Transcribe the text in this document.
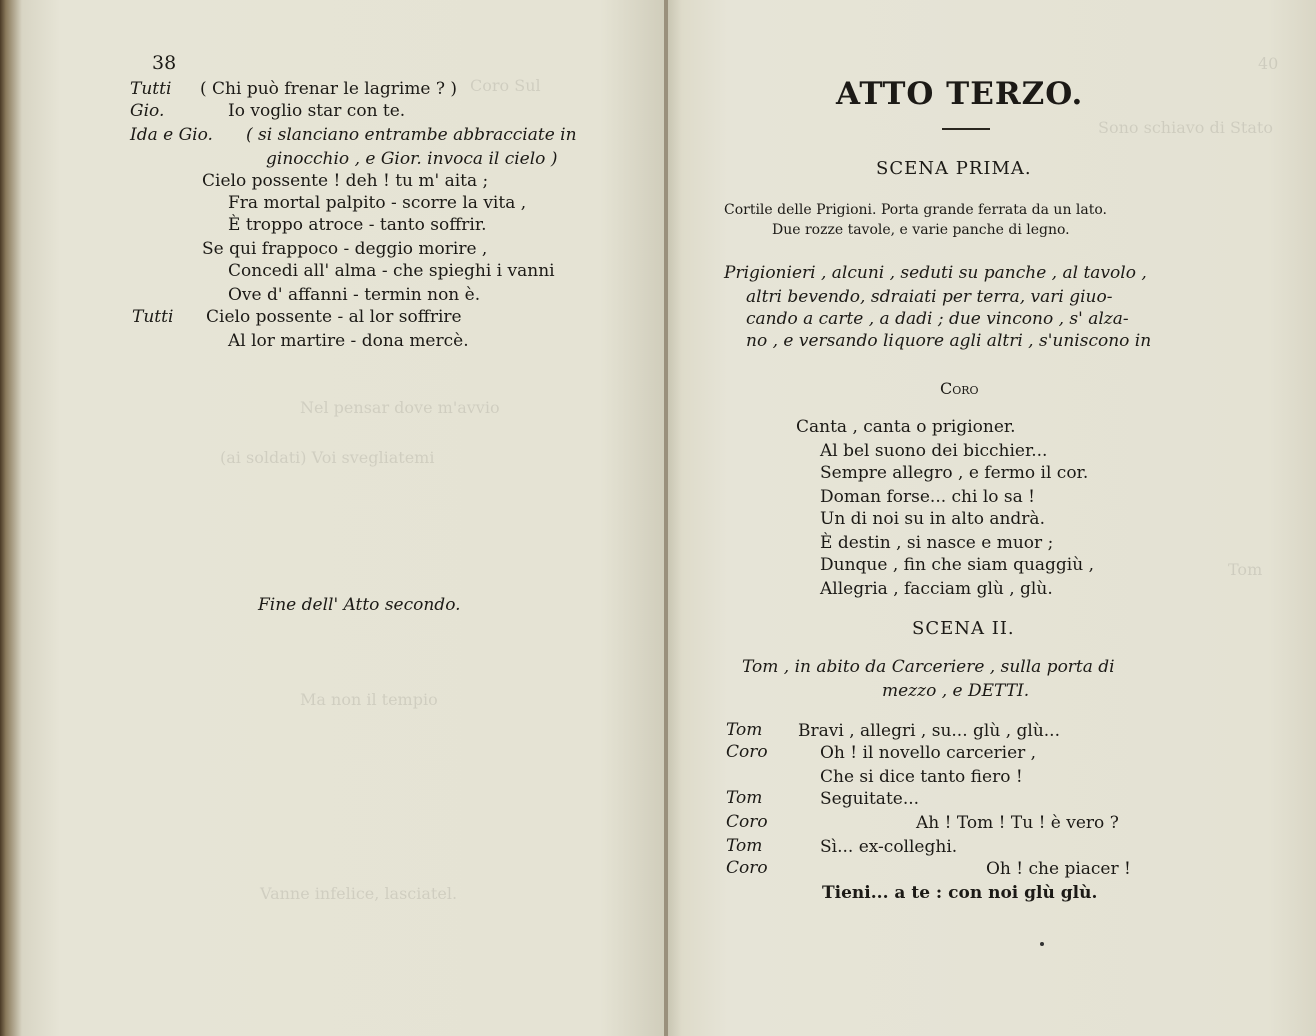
Coro Sul
Nel pensar dove m'avvio
(ai soldati) Voi svegliatemi
Ma non il tempio
Vanne infelice, lasciatel.
38
Tutti ( Chi può frenar le lagrime ? )
Gio.	Io voglio star con te.
Ida e Gio. ( si slanciano entrambe abbracciate in
ginocchio , e Gior. invoca il cielo )
Cielo possente ! deh ! tu m' aita ;
Fra mortal palpito - scorre la vita ,
È troppo atroce - tanto soffrir.
Se qui frappoco - deggio morire ,
Concedi all' alma - che spieghi i vanni
Ove d' affanni - termin non è.
Tutti Cielo possente - al lor soffrire
Al lor martire - dona mercè.
Fine dell' Atto secondo.
40
Sono schiavo di Stato
Tom
ATTO TERZO.
SCENA PRIMA.
Cortile delle Prigioni. Porta grande ferrata da un lato.
Due rozze tavole, e varie panche di legno.
Prigionieri , alcuni , seduti su panche , al tavolo ,
altri bevendo, sdraiati per terra, vari giuo-
cando a carte , a dadi ; due vincono , s' alza-
no , e versando liquore agli altri , s'uniscono in
Coro
Canta , canta o prigioner.
Al bel suono dei bicchier...
Sempre allegro , e fermo il cor.
Doman forse... chi lo sa !
Un di noi su in alto andrà.
È destin , si nasce e muor ;
Dunque , fin che siam quaggiù ,
Allegria , facciam glù , glù.
SCENA II.
Tom , in abito da Carceriere , sulla porta di
mezzo , e DETTI.
Tom Bravi , allegri , su... glù , glù...
Coro	Oh ! il novello carcerier ,
Che si dice tanto fiero !
Tom	Seguitate...
Coro	Ah ! Tom ! Tu ! è vero ?
Tom	Sì... ex-colleghi.
Coro	Oh ! che piacer !
Tieni... a te : con noi glù glù.
